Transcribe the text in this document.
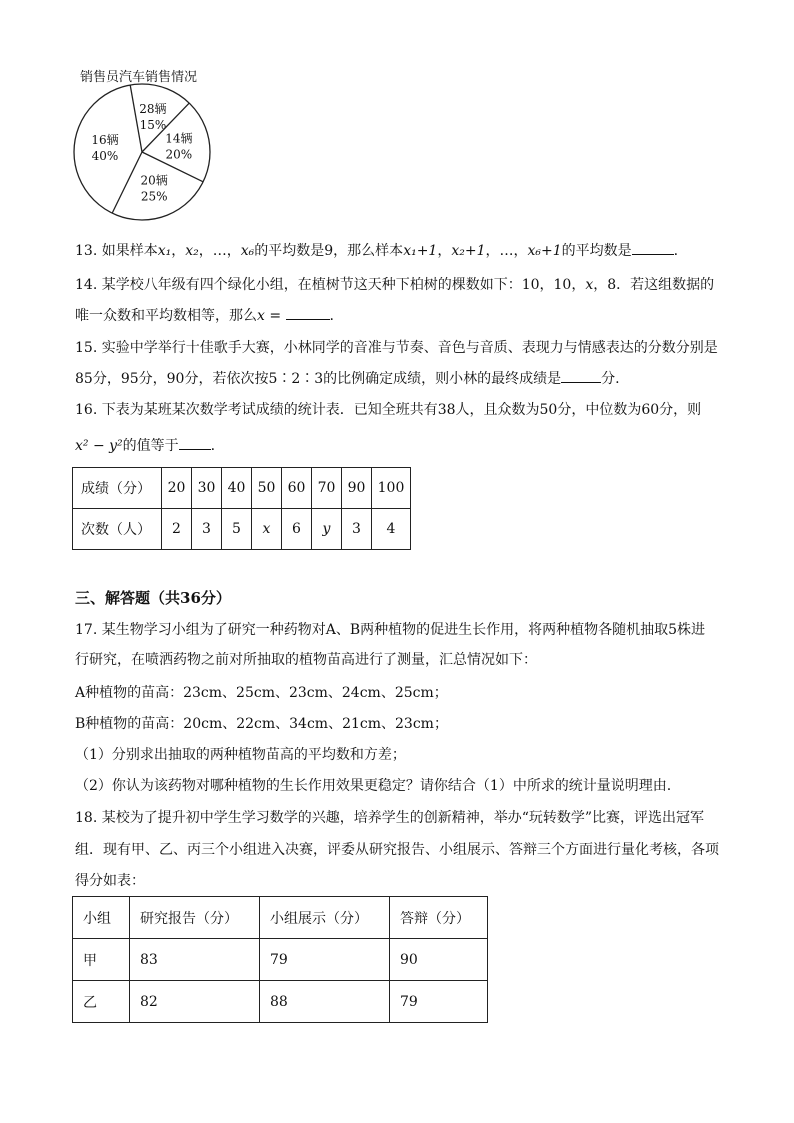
销售员汽车销售情况
28辆
15%
14辆
20%
20辆
25%
16辆
40%
13. 如果样本x₁，x₂，…，x₆的平均数是9，那么样本x₁+1，x₂+1，…，x₆+1的平均数是	.
14. 某学校八年级有四个绿化小组，在植树节这天种下柏树的棵数如下：10，10，x，8．若这组数据的
唯一众数和平均数相等，那么x =	.
15. 实验中学举行十佳歌手大赛，小林同学的音准与节奏、音色与音质、表现力与情感表达的分数分别是
85分，95分，90分，若依次按5∶2∶3的比例确定成绩，则小林的最终成绩是	分.
16. 下表为某班某次数学考试成绩的统计表．已知全班共有38人，且众数为50分，中位数为60分，则
x² − y²的值等于 .
成绩（分）	20	30	40	50	60	70	90	100
次数（人）	2	3	5	x	6	y	3	4
三、解答题（共36分）
17. 某生物学习小组为了研究一种药物对A、B两种植物的促进生长作用，将两种植物各随机抽取5株进
行研究，在喷洒药物之前对所抽取的植物苗高进行了测量，汇总情况如下：
A种植物的苗高：23cm、25cm、23cm、24cm、25cm；
B种植物的苗高：20cm、22cm、34cm、21cm、23cm；
（1）分别求出抽取的两种植物苗高的平均数和方差；
（2）你认为该药物对哪种植物的生长作用效果更稳定？请你结合（1）中所求的统计量说明理由.
18. 某校为了提升初中学生学习数学的兴趣，培养学生的创新精神，举办“玩转数学”比赛，评选出冠军
组．现有甲、乙、丙三个小组进入决赛，评委从研究报告、小组展示、答辩三个方面进行量化考核，各项
得分如表：
小组	研究报告（分）	小组展示（分）	答辩（分）
甲	83	79	90
乙	82	88	79
